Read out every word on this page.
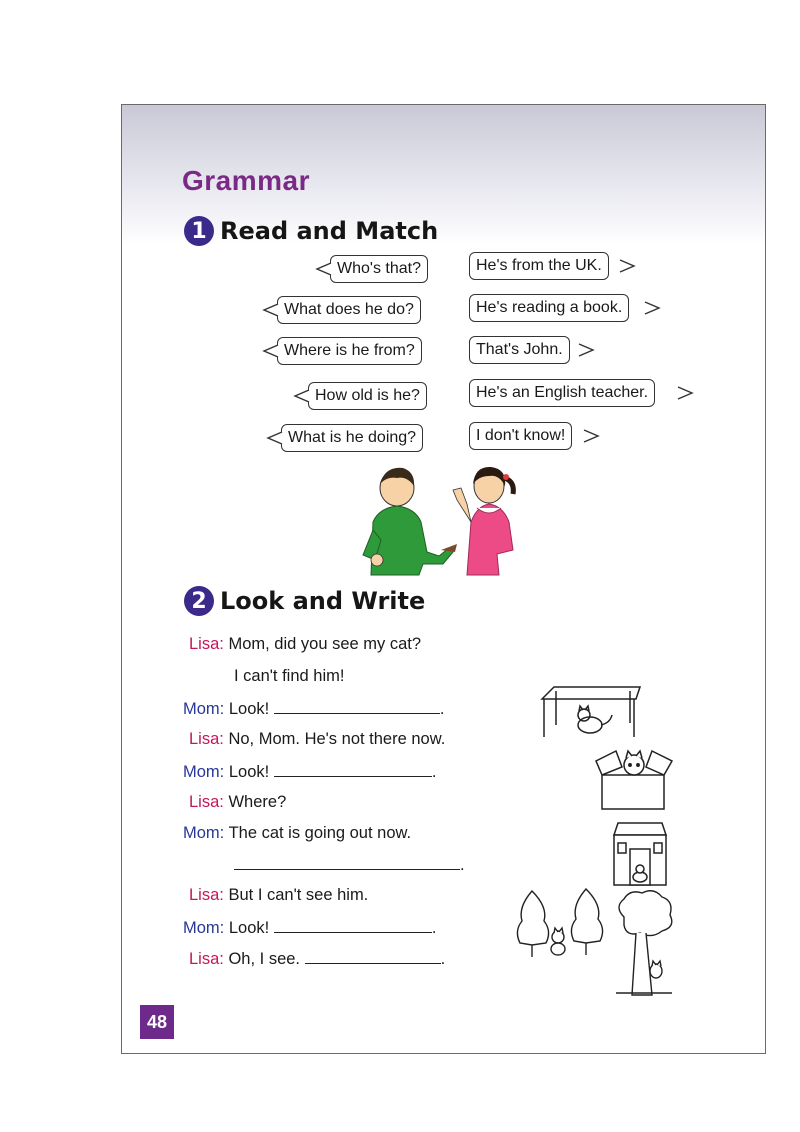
Grammar
1 Read and Match
Who's that?
What does he do?
Where is he from?
How old is he?
What is he doing?
He's from the UK.
He's reading a book.
That's John.
He's an English teacher.
I don't know!
2 Look and Write
Lisa: Mom, did you see my cat?
I can't find him!
Mom: Look!	.
Lisa: No, Mom. He's not there now.
Mom: Look!	.
Lisa: Where?
Mom: The cat is going out now.
.
Lisa: But I can't see him.
Mom: Look!	.
Lisa: Oh, I see.	.
48
